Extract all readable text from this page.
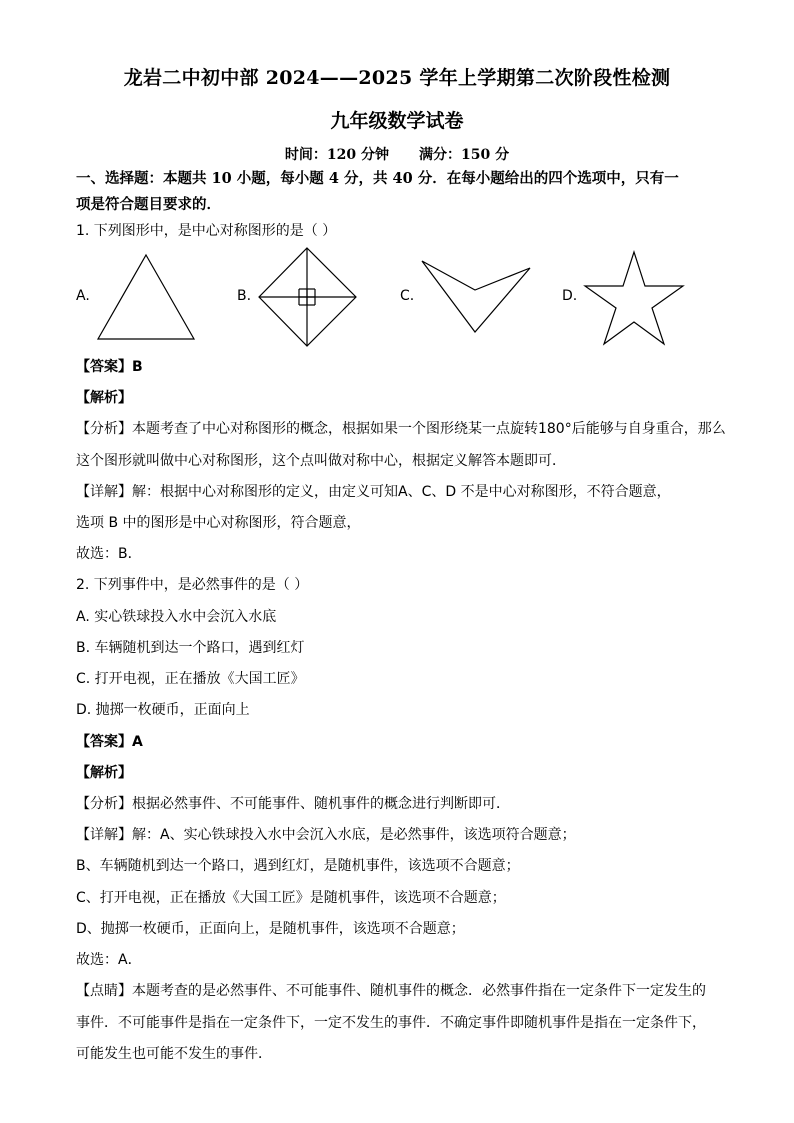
龙岩二中初中部 2024——2025 学年上学期第二次阶段性检测
九年级数学试卷
时间：120 分钟 满分：150 分
一、选择题：本题共 10 小题，每小题 4 分，共 40 分．在每小题给出的四个选项中，只有一
项是符合题目要求的．
1. 下列图形中，是中心对称图形的是（ ）
A.	B.	C.	D.
【答案】B
【解析】
【分析】本题考查了中心对称图形的概念，根据如果一个图形绕某一点旋转180°后能够与自身重合，那么
这个图形就叫做中心对称图形，这个点叫做对称中心，根据定义解答本题即可．
【详解】解：根据中心对称图形的定义，由定义可知A、C、D 不是中心对称图形，不符合题意，
选项 B 中的图形是中心对称图形，符合题意，
故选：B．
2. 下列事件中，是必然事件的是（ ）
A. 实心铁球投入水中会沉入水底
B. 车辆随机到达一个路口，遇到红灯
C. 打开电视，正在播放《大国工匠》
D. 抛掷一枚硬币，正面向上
【答案】A
【解析】
【分析】根据必然事件、不可能事件、随机事件的概念进行判断即可．
【详解】解：A、实心铁球投入水中会沉入水底，是必然事件，该选项符合题意；
B、车辆随机到达一个路口，遇到红灯，是随机事件，该选项不合题意；
C、打开电视，正在播放《大国工匠》是随机事件，该选项不合题意；
D、抛掷一枚硬币，正面向上，是随机事件，该选项不合题意；
故选：A．
【点睛】本题考查的是必然事件、不可能事件、随机事件的概念．必然事件指在一定条件下一定发生的
事件．不可能事件是指在一定条件下，一定不发生的事件．不确定事件即随机事件是指在一定条件下，
可能发生也可能不发生的事件．
